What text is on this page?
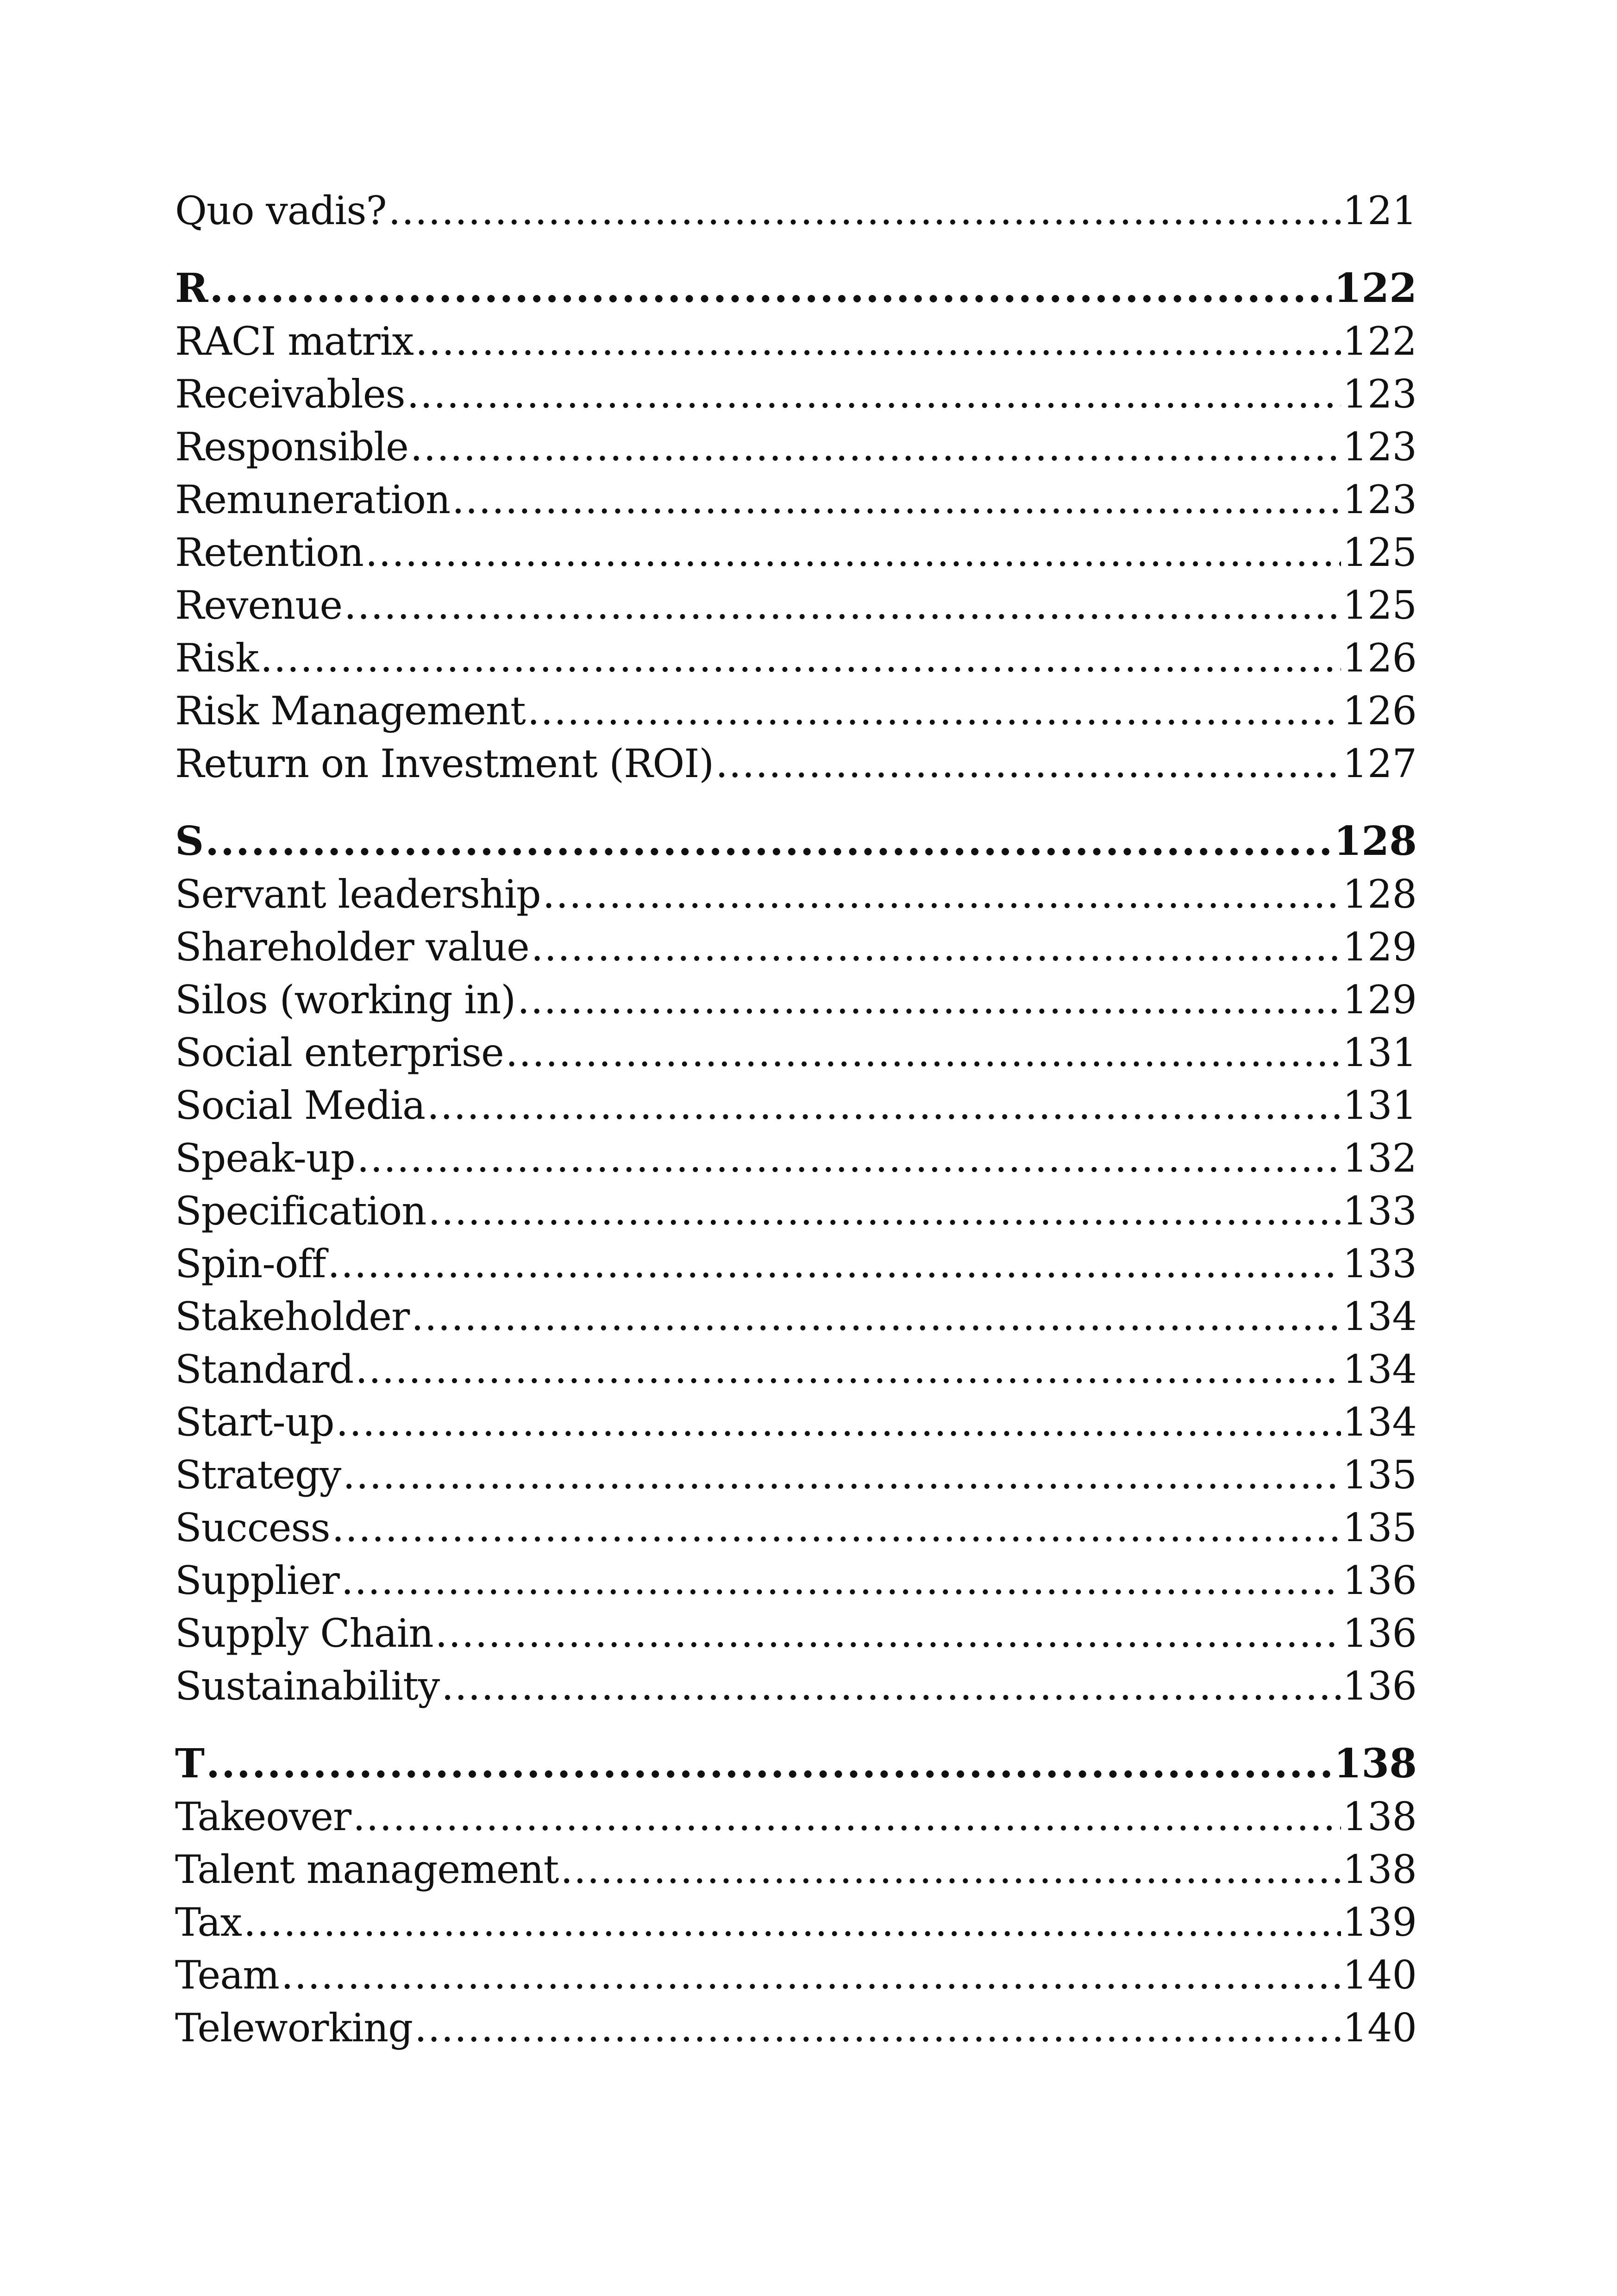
Quo vadis? .....	121
R .....	122
RACI matrix .....	122
Receivables .....	123
Responsible .....	123
Remuneration .....	123
Retention .....	125
Revenue .....	125
Risk .....	126
Risk Management .....	126
Return on Investment (ROI) .....	127
S .....	128
Servant leadership .....	128
Shareholder value .....	129
Silos (working in) .....	129
Social enterprise .....	131
Social Media .....	131
Speak-up .....	132
Specification .....	133
Spin-off .....	133
Stakeholder .....	134
Standard .....	134
Start-up .....	134
Strategy .....	135
Success .....	135
Supplier .....	136
Supply Chain .....	136
Sustainability .....	136
T .....	138
Takeover .....	138
Talent management .....	138
Tax .....	139
Team .....	140
Teleworking .....	140
